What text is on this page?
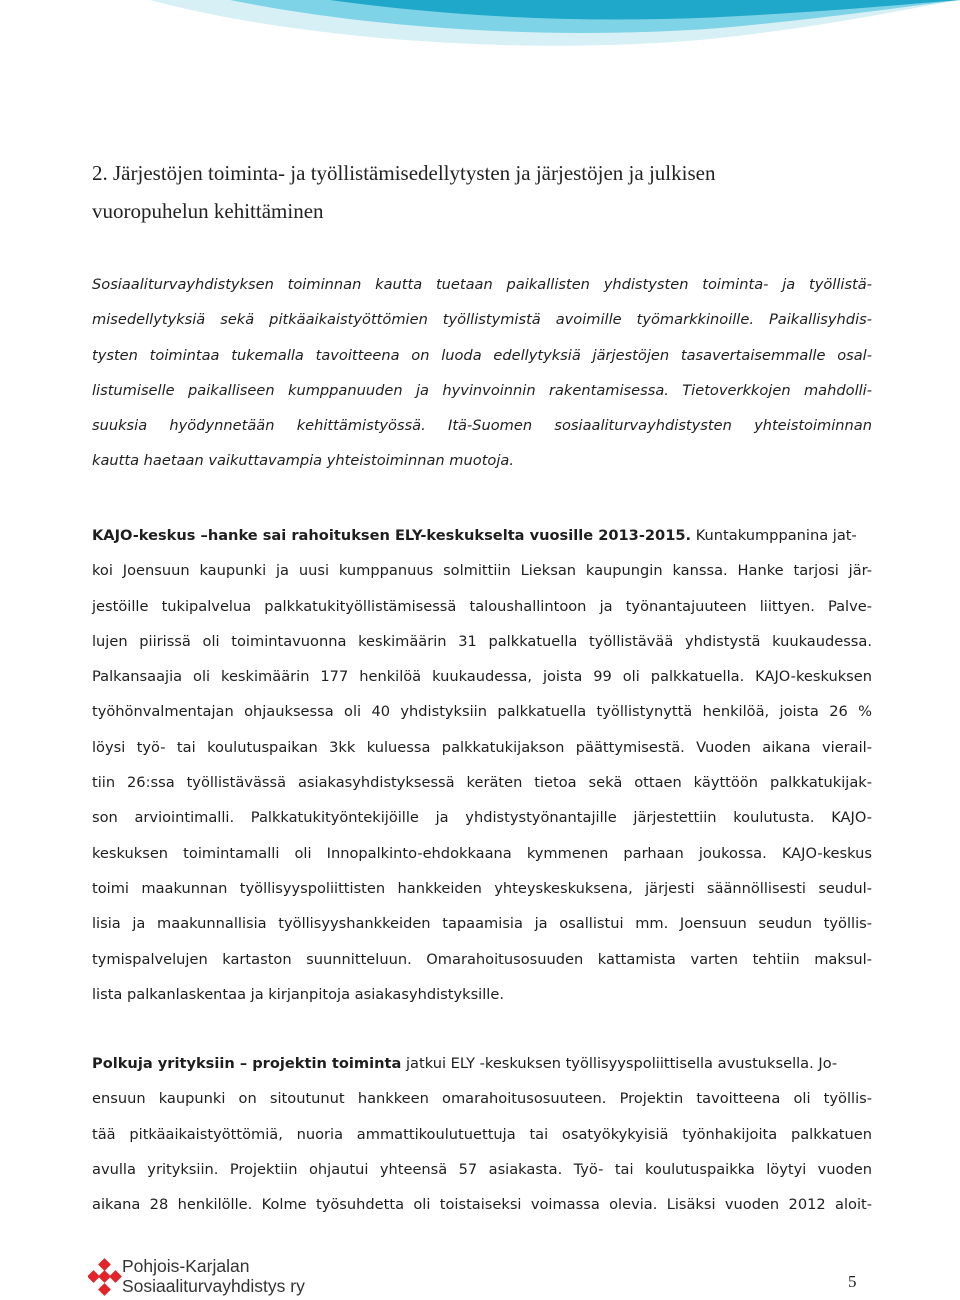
2. Järjestöjen toiminta- ja työllistämisedellytysten ja järjestöjen ja julkisen
vuoropuhelun kehittäminen
Sosiaaliturvayhdistyksen toiminnan kautta tuetaan paikallisten yhdistysten toiminta- ja työllistä-
misedellytyksiä sekä pitkäaikaistyöttömien työllistymistä avoimille työmarkkinoille. Paikallisyhdis-
tysten toimintaa tukemalla tavoitteena on luoda edellytyksiä järjestöjen tasavertaisemmalle osal-
listumiselle paikalliseen kumppanuuden ja hyvinvoinnin rakentamisessa. Tietoverkkojen mahdolli-
suuksia hyödynnetään kehittämistyössä. Itä-Suomen sosiaaliturvayhdistysten yhteistoiminnan
kautta haetaan vaikuttavampia yhteistoiminnan muotoja.
KAJO-keskus –hanke sai rahoituksen ELY-keskukselta vuosille 2013-2015. Kuntakumppanina jat-
koi Joensuun kaupunki ja uusi kumppanuus solmittiin Lieksan kaupungin kanssa. Hanke tarjosi jär-
jestöille tukipalvelua palkkatukityöllistämisessä taloushallintoon ja työnantajuuteen liittyen. Palve-
lujen piirissä oli toimintavuonna keskimäärin 31 palkkatuella työllistävää yhdistystä kuukaudessa.
Palkansaajia oli keskimäärin 177 henkilöä kuukaudessa, joista 99 oli palkkatuella. KAJO-keskuksen
työhönvalmentajan ohjauksessa oli 40 yhdistyksiin palkkatuella työllistynyttä henkilöä, joista 26 %
löysi työ- tai koulutuspaikan 3kk kuluessa palkkatukijakson päättymisestä. Vuoden aikana vierail-
tiin 26:ssa työllistävässä asiakasyhdistyksessä keräten tietoa sekä ottaen käyttöön palkkatukijak-
son arviointimalli. Palkkatukityöntekijöille ja yhdistystyönantajille järjestettiin koulutusta. KAJO-
keskuksen toimintamalli oli Innopalkinto-ehdokkaana kymmenen parhaan joukossa. KAJO-keskus
toimi maakunnan työllisyyspoliittisten hankkeiden yhteyskeskuksena, järjesti säännöllisesti seudul-
lisia ja maakunnallisia työllisyyshankkeiden tapaamisia ja osallistui mm. Joensuun seudun työllis-
tymispalvelujen kartaston suunnitteluun. Omarahoitusosuuden kattamista varten tehtiin maksul-
lista palkanlaskentaa ja kirjanpitoja asiakasyhdistyksille.
Polkuja yrityksiin – projektin toiminta jatkui ELY -keskuksen työllisyyspoliittisella avustuksella. Jo-
ensuun kaupunki on sitoutunut hankkeen omarahoitusosuuteen. Projektin tavoitteena oli työllis-
tää pitkäaikaistyöttömiä, nuoria ammattikoulutuettuja tai osatyökykyisiä työnhakijoita palkkatuen
avulla yrityksiin. Projektiin ohjautui yhteensä 57 asiakasta. Työ- tai koulutuspaikka löytyi vuoden
aikana 28 henkilölle. Kolme työsuhdetta oli toistaiseksi voimassa olevia. Lisäksi vuoden 2012 aloit-
Pohjois-Karjalan
Sosiaaliturvayhdistys ry	5
